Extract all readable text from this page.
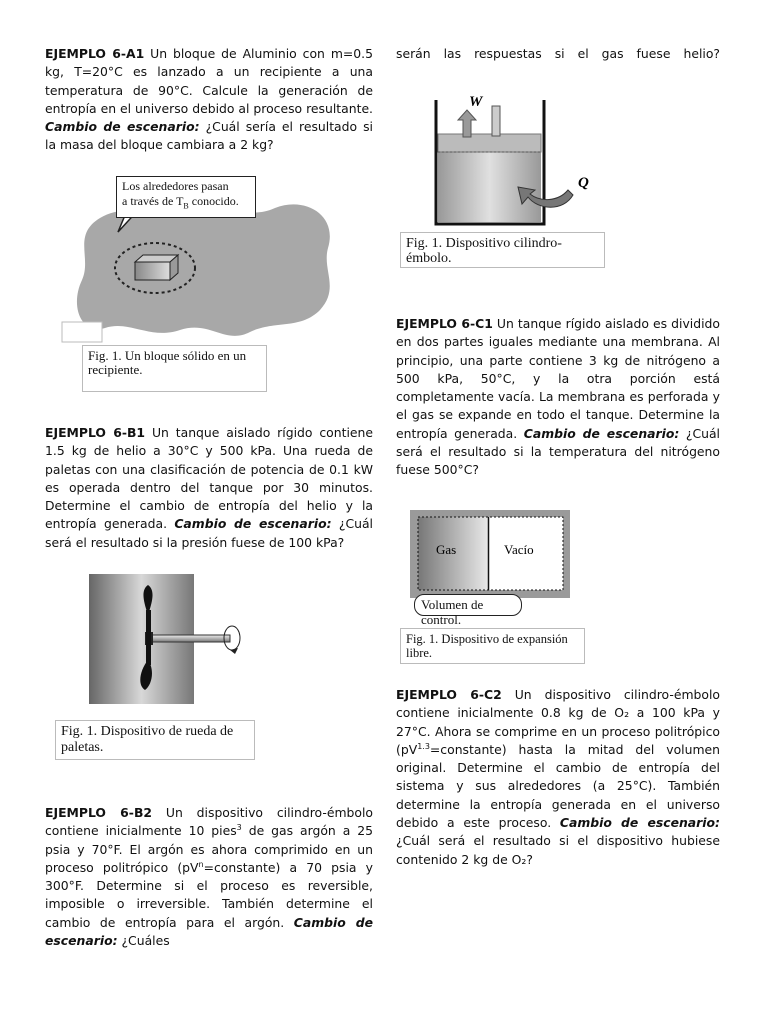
EJEMPLO 6-A1 Un bloque de Aluminio con m=0.5 kg, T=20°C es lanzado a un recipiente a una temperatura de 90°C. Calcule la generación de entropía en el universo debido al proceso resultante. Cambio de escenario: ¿Cuál sería el resultado si la masa del bloque cambiara a 2 kg?
Los alrededores pasan
a través de $T_B$ conocido.
Fig. 1. Un bloque sólido en un recipiente.
EJEMPLO 6-B1 Un tanque aislado rígido contiene 1.5 kg de helio a 30°C y 500 kPa. Una rueda de paletas con una clasificación de potencia de 0.1 kW es operada dentro del tanque por 30 minutos. Determine el cambio de entropía del helio y la entropía generada. Cambio de escenario: ¿Cuál será el resultado si la presión fuese de 100 kPa?
Fig. 1. Dispositivo de rueda de paletas.
EJEMPLO 6-B2 Un dispositivo cilindro-émbolo contiene inicialmente 10 pies$^3$ de gas argón a 25 psia y 70°F. El argón es ahora comprimido en un proceso politrópico $(pV^n=constante)$ a 70 psia y 300°F. Determine si el proceso es reversible, imposible o irreversible. También determine el cambio de entropía para el argón. Cambio de escenario: ¿Cuáles
serán las respuestas si el gas fuese helio?
W
Q
Fig. 1. Dispositivo cilindro-émbolo.
EJEMPLO 6-C1 Un tanque rígido aislado es dividido en dos partes iguales mediante una membrana. Al principio, una parte contiene 3 kg de nitrógeno a 500 kPa, 50°C, y la otra porción está completamente vacía. La membrana es perforada y el gas se expande en todo el tanque. Determine la entropía generada. Cambio de escenario: ¿Cuál será el resultado si la temperatura del nitrógeno fuese 500°C?
Gas	Vacío
Volumen de control.
Fig. 1. Dispositivo de expansión libre.
EJEMPLO 6-C2 Un dispositivo cilindro-émbolo contiene inicialmente 0.8 kg de O₂ a 100 kPa y 27°C. Ahora se comprime en un proceso politrópico $(pV^{1.3}=constante)$ hasta la mitad del volumen original. Determine el cambio de entropía del sistema y sus alrededores (a 25°C). También determine la entropía generada en el universo debido a este proceso. Cambio de escenario: ¿Cuál será el resultado si el dispositivo hubiese contenido 2 kg de O₂?
